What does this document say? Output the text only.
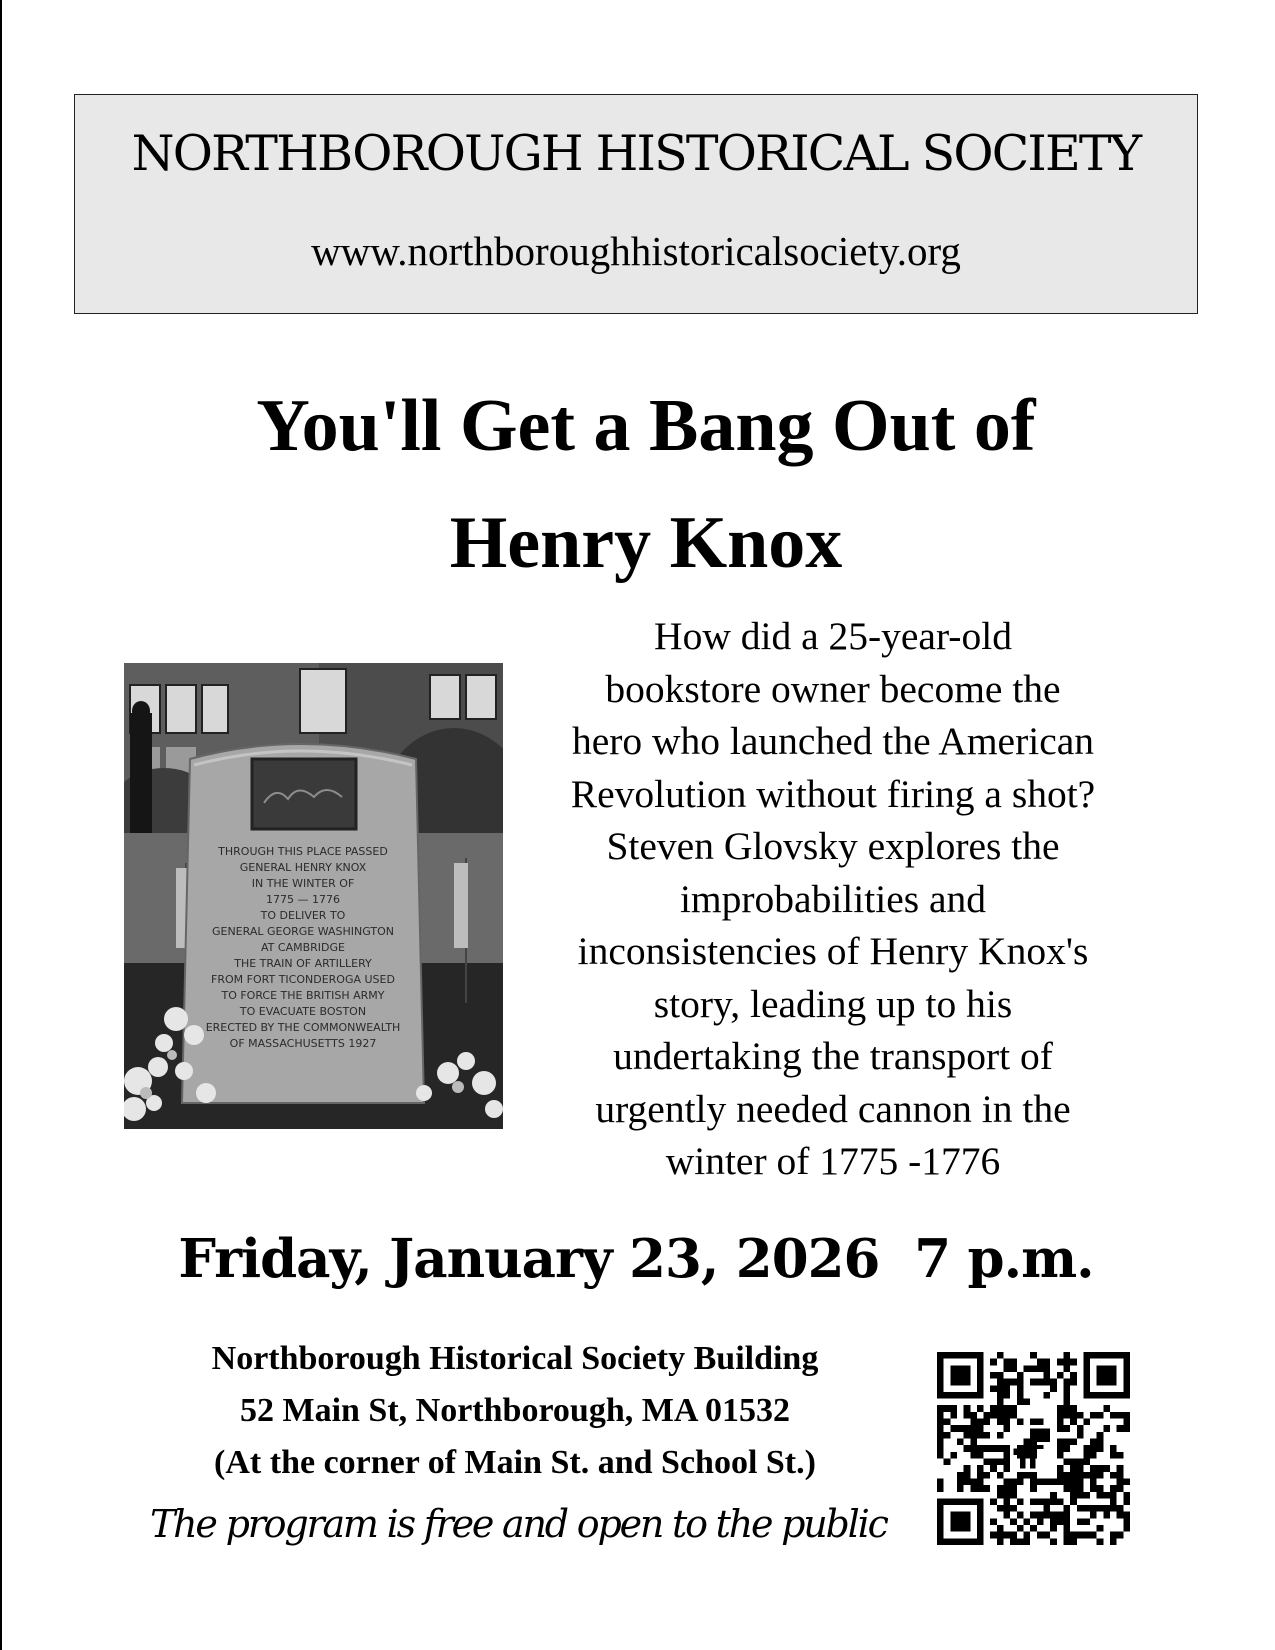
NORTHBOROUGH HISTORICAL SOCIETY
www.northboroughhistoricalsociety.org
You'll Get a Bang Out of
Henry Knox
THROUGH THIS PLACE PASSED
GENERAL HENRY KNOX
IN THE WINTER OF
1775 — 1776
TO DELIVER TO
GENERAL GEORGE WASHINGTON
AT CAMBRIDGE
THE TRAIN OF ARTILLERY
FROM FORT TICONDEROGA USED
TO FORCE THE BRITISH ARMY
TO EVACUATE BOSTON
ERECTED BY THE COMMONWEALTH
OF MASSACHUSETTS 1927
How did a 25-year-old
bookstore owner become the
hero who launched the American
Revolution without firing a shot?
Steven Glovsky explores the
improbabilities and
inconsistencies of Henry Knox's
story, leading up to his
undertaking the transport of
urgently needed cannon in the
winter of 1775 -1776
Friday, January 23, 2026  7 p.m.
Northborough Historical Society Building
52 Main St, Northborough, MA 01532
(At the corner of Main St. and School St.)
The program is free and open to the public
